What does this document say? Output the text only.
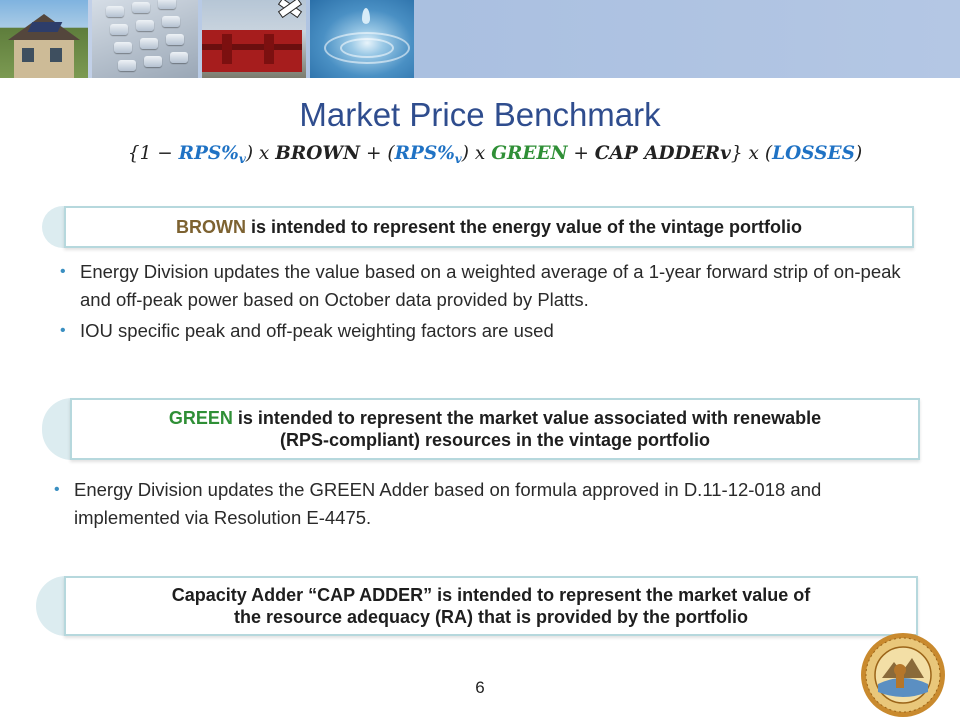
Market Price Benchmark
$\{1 - RPS\%_v)$ x BROWN + $(RPS\%_v)$ x GREEN + CAP ADDERv} x (LOSSES)
BROWN is intended to represent the energy value of the vintage portfolio
• Energy Division updates the value based on a weighted average of a 1-year forward strip of on-peak and off-peak power based on October data provided by Platts.
• IOU specific peak and off-peak weighting factors are used
GREEN is intended to represent the market value associated with renewable
(RPS-compliant) resources in the vintage portfolio
• Energy Division updates the GREEN Adder based on formula approved in D.11-12-018 and implemented via Resolution E-4475.
Capacity Adder “CAP ADDER” is intended to represent the market value of
the resource adequacy (RA) that is provided by the portfolio
6
